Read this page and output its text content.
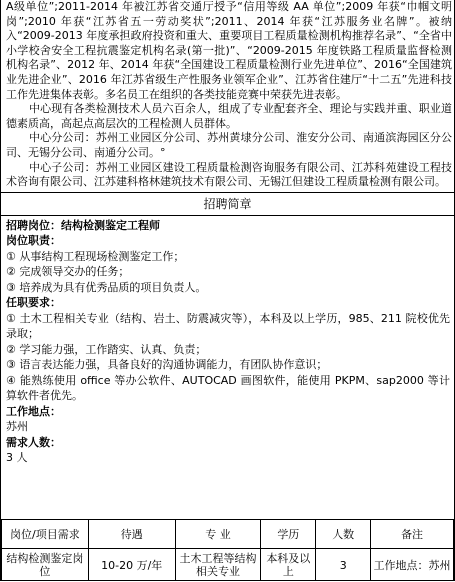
A级单位”;2011-2014 年被江苏省交通厅授予“信用等级 AA 单位”;2009 年获“巾帼文明岗”;2010 年获“江苏省五一劳动奖状”;2011、2014 年获“江苏服务业名牌”。被纳入“2009-2013 年度承担政府投资和重大、重要项目工程质量检测机构推荐名录”、“全省中小学校舍安全工程抗震鉴定机构名录(第一批)”、“2009-2015 年度铁路工程质量监督检测机构名录”、2012 年、2014 年获“全国建设工程质量检测行业先进单位”、2016“全国建筑业先进企业”、2016 年江苏省级生产性服务业领军企业”、江苏省住建厅“十二五”先进科技工作先进集体表彰。多名员工在组织的各类技能竞赛中荣获先进表彰。

中心现有各类检测技术人员六百余人，组成了专业配套齐全、理论与实践并重、职业道德素质高，高起点高层次的工程检测人员群体。

中心分公司：苏州工业园区分公司、苏州黄埭分公司、淮安分公司、南通滨海园区分公司、无锡分公司、南通分公司。°

中心子公司：苏州工业园区建设工程质量检测咨询服务有限公司、江苏科苑建设工程技术咨询有限公司、江苏建科格林建筑技术有限公司、无锡江但建设工程质量检测有限公司。

招聘简章

招聘岗位：结构检测鉴定工程师

岗位职责：

① 从事结构工程现场检测鉴定工作；

② 完成领导交办的任务；

③ 培养成为具有优秀品质的项目负责人。

任职要求：

① 土木工程相关专业（结构、岩土、防震减灾等），本科及以上学历，985、211 院校优先录取；

② 学习能力强，工作踏实、认真、负责；

③ 语言表达能力强，具备良好的沟通协调能力，有团队协作意识；

④ 能熟练使用 office 等办公软件、AUTOCAD 画图软件，能使用 PKPM、sap2000 等计算软件者优先。

工作地点：

苏州

需求人数：

3 人

岗位/项目需求	待遇	专 业	学历	人数	备注
结构检测鉴定岗位	10-20 万/年	土木工程等结构相关专业	本科及以上	3	工作地点：苏州
